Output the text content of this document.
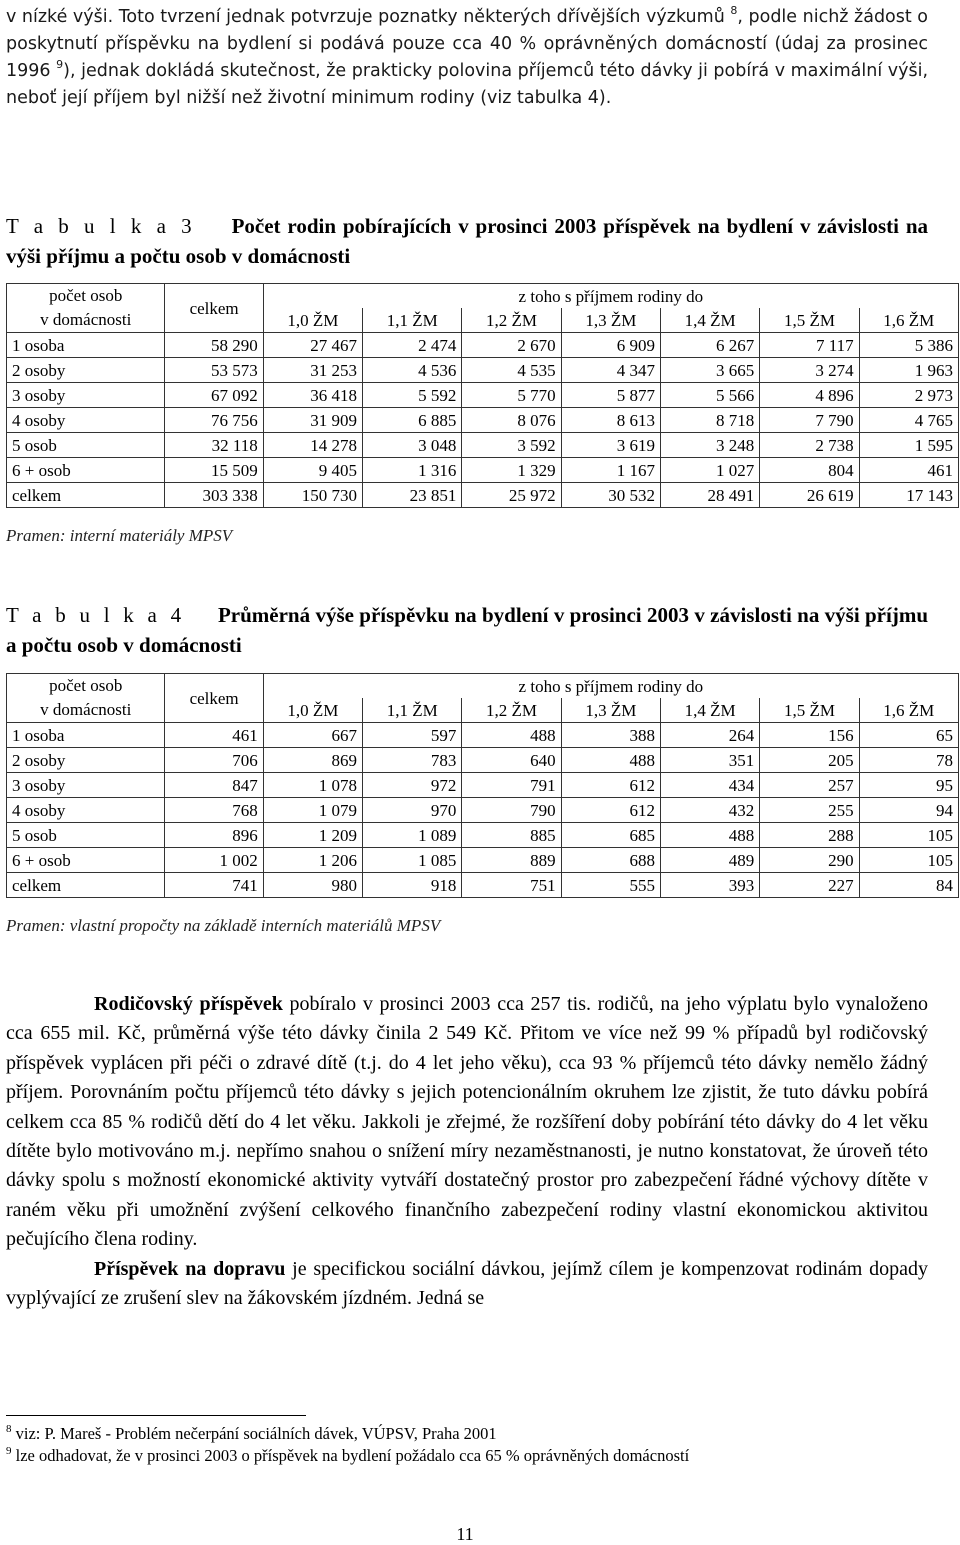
v nízké výši. Toto tvrzení jednak potvrzuje poznatky některých dřívějších výzkumů $^8$, podle nichž žádost o poskytnutí příspěvku na bydlení si podává pouze cca 40 % oprávněných domácností (údaj za prosinec 1996 $^9$), jednak dokládá skutečnost, že prakticky polovina příjemců této dávky ji pobírá v maximální výši, neboť její příjem byl nižší než životní minimum rodiny (viz tabulka 4).
T a b u l k a 3 Počet rodin pobírajících v prosinci 2003 příspěvek na bydlení v závislosti na výši příjmu a počtu osob v domácnosti
počet osob
v domácnosti	celkem	z toho s příjmem rodiny do						
		1,0 ŽM	1,1 ŽM	1,2 ŽM	1,3 ŽM	1,4 ŽM	1,5 ŽM	1,6 ŽM
1 osoba	58 290	27 467	2 474	2 670	6 909	6 267	7 117	5 386
2 osoby	53 573	31 253	4 536	4 535	4 347	3 665	3 274	1 963
3 osoby	67 092	36 418	5 592	5 770	5 877	5 566	4 896	2 973
4 osoby	76 756	31 909	6 885	8 076	8 613	8 718	7 790	4 765
5 osob	32 118	14 278	3 048	3 592	3 619	3 248	2 738	1 595
6 + osob	15 509	9 405	1 316	1 329	1 167	1 027	804	461
celkem	303 338	150 730	23 851	25 972	30 532	28 491	26 619	17 143
Pramen: interní materiály MPSV
T a b u l k a 4 Průměrná výše příspěvku na bydlení v prosinci 2003 v závislosti na výši příjmu a počtu osob v domácnosti
počet osob
v domácnosti	celkem	z toho s příjmem rodiny do						
		1,0 ŽM	1,1 ŽM	1,2 ŽM	1,3 ŽM	1,4 ŽM	1,5 ŽM	1,6 ŽM
1 osoba	461	667	597	488	388	264	156	65
2 osoby	706	869	783	640	488	351	205	78
3 osoby	847	1 078	972	791	612	434	257	95
4 osoby	768	1 079	970	790	612	432	255	94
5 osob	896	1 209	1 089	885	685	488	288	105
6 + osob	1 002	1 206	1 085	889	688	489	290	105
celkem	741	980	918	751	555	393	227	84
Pramen: vlastní propočty na základě interních materiálů MPSV

Rodičovský příspěvek pobíralo v prosinci 2003 cca 257 tis. rodičů, na jeho výplatu bylo vynaloženo cca 655 mil. Kč, průměrná výše této dávky činila 2 549 Kč. Přitom ve více než 99 % případů byl rodičovský příspěvek vyplácen při péči o zdravé dítě (t.j. do 4 let jeho věku), cca 93 % příjemců této dávky nemělo žádný příjem. Porovnáním počtu příjemců této dávky s jejich potencionálním okruhem lze zjistit, že tuto dávku pobírá celkem cca 85 % rodičů dětí do 4 let věku. Jakkoli je zřejmé, že rozšíření doby pobírání této dávky do 4 let věku dítěte bylo motivováno m.j. nepřímo snahou o snížení míry nezaměstnanosti, je nutno konstatovat, že úroveň této dávky spolu s možností ekonomické aktivity vytváří dostatečný prostor pro zabezpečení řádné výchovy dítěte v raném věku při umožnění zvýšení celkového finančního zabezpečení rodiny vlastní ekonomickou aktivitou pečujícího člena rodiny.

Příspěvek na dopravu je specifickou sociální dávkou, jejímž cílem je kompenzovat rodinám dopady vyplývající ze zrušení slev na žákovském jízdném. Jedná se

$^8$ viz: P. Mareš - Problém nečerpání sociálních dávek, VÚPSV, Praha 2001
$^9$ lze odhadovat, že v prosinci 2003 o příspěvek na bydlení požádalo cca 65 % oprávněných domácností
11
